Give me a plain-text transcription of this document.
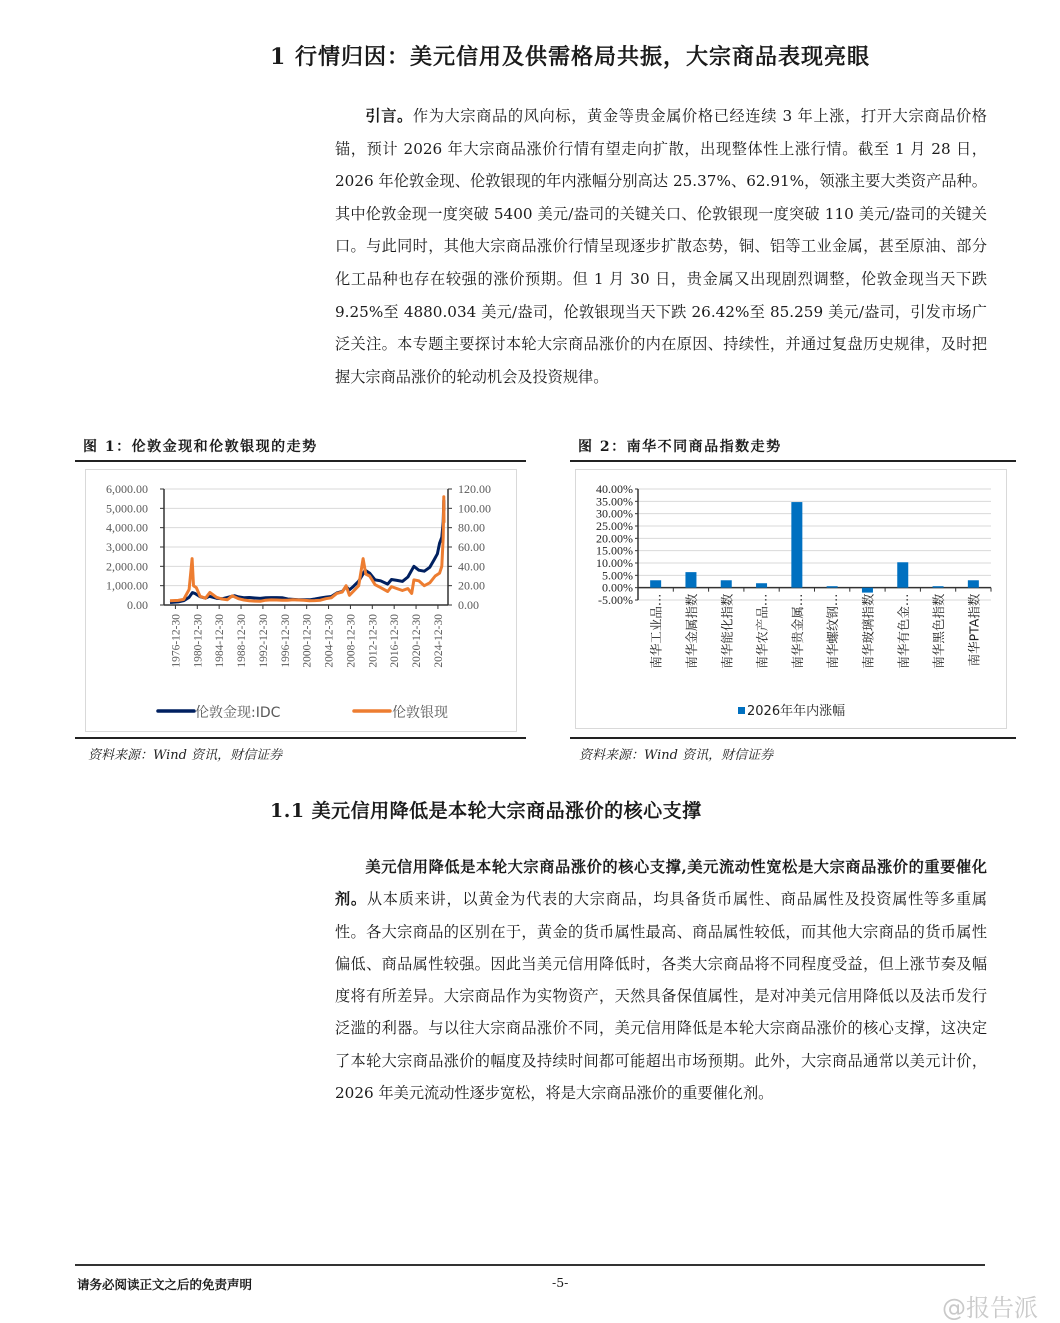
1 行情归因：美元信用及供需格局共振，大宗商品表现亮眼
引言。作为大宗商品的风向标，黄金等贵金属价格已经连续 3 年上涨，打开大宗商品价格锚，预计 2026 年大宗商品涨价行情有望走向扩散，出现整体性上涨行情。截至 1 月 28 日，2026 年伦敦金现、伦敦银现的年内涨幅分别高达 25.37%、62.91%，领涨主要大类资产品种。其中伦敦金现一度突破 5400 美元/盎司的关键关口、伦敦银现一度突破 110 美元/盎司的关键关口。与此同时，其他大宗商品涨价行情呈现逐步扩散态势，铜、铝等工业金属，甚至原油、部分化工品种也存在较强的涨价预期。但 1 月 30 日，贵金属又出现剧烈调整，伦敦金现当天下跌 9.25%至 4880.034 美元/盎司，伦敦银现当天下跌 26.42%至 85.259 美元/盎司，引发市场广泛关注。本专题主要探讨本轮大宗商品涨价的内在原因、持续性，并通过复盘历史规律，及时把握大宗商品涨价的轮动机会及投资规律。
图 1：伦敦金现和伦敦银现的走势
0.00
1,000.00
2,000.00
3,000.00
4,000.00
5,000.00
6,000.00
0.00
20.00
40.00
60.00
80.00
100.00
120.00
1976-12-30 1980-12-30 1984-12-30 1988-12-30 1992-12-30 1996-12-30 2000-12-30 2004-12-30 2008-12-30 2012-12-30 2016-12-30 2020-12-30 2024-12-30
伦敦金现:IDC	伦敦银现
资料来源：Wind 资讯，财信证券
图 2：南华不同商品指数走势
-5.00%
0.00%
5.00%
10.00%
15.00%
20.00%
25.00%
30.00%
35.00%
40.00%
南华工业品… 南华金属指数 南华能化指数 南华农产品… 南华贵金属… 南华螺纹钢… 南华玻璃指数 南华有色金… 南华黑色指数 南华PTA指数
2026年年内涨幅
资料来源：Wind 资讯，财信证券
1.1 美元信用降低是本轮大宗商品涨价的核心支撑
美元信用降低是本轮大宗商品涨价的核心支撑,美元流动性宽松是大宗商品涨价的重要催化剂。从本质来讲，以黄金为代表的大宗商品，均具备货币属性、商品属性及投资属性等多重属性。各大宗商品的区别在于，黄金的货币属性最高、商品属性较低，而其他大宗商品的货币属性偏低、商品属性较强。因此当美元信用降低时，各类大宗商品将不同程度受益，但上涨节奏及幅度将有所差异。大宗商品作为实物资产，天然具备保值属性，是对冲美元信用降低以及法币发行泛滥的利器。与以往大宗商品涨价不同，美元信用降低是本轮大宗商品涨价的核心支撑，这决定了本轮大宗商品涨价的幅度及持续时间都可能超出市场预期。此外，大宗商品通常以美元计价，2026 年美元流动性逐步宽松，将是大宗商品涨价的重要催化剂。
请务必阅读正文之后的免责声明	-5-
@报告派
